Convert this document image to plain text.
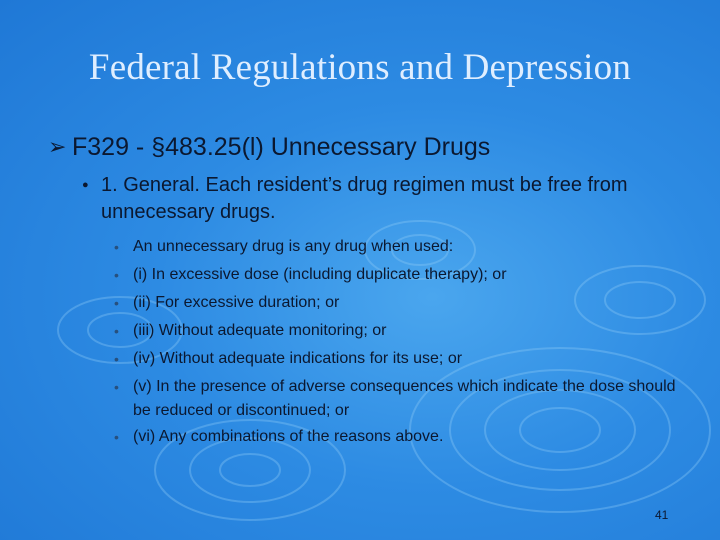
Federal Regulations and Depression
➢ F329 - §483.25(l) Unnecessary Drugs
● 1. General. Each resident’s drug regimen must be free from unnecessary drugs.
• An unnecessary drug is any drug when used:
• (i) In excessive dose (including duplicate therapy); or
• (ii) For excessive duration; or
• (iii) Without adequate monitoring; or
• (iv) Without adequate indications for its use; or
• (v) In the presence of adverse consequences which indicate the dose should be reduced or discontinued; or
• (vi) Any combinations of the reasons above.
41
